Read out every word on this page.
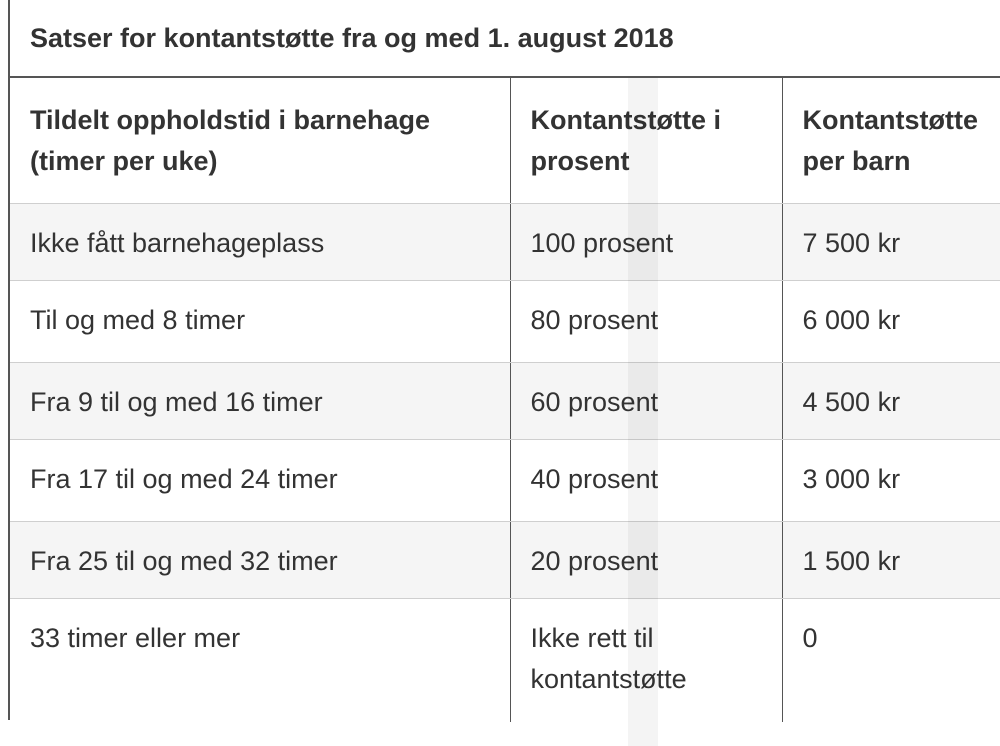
Satser for kontantstøtte fra og med 1. august 2018
Tildelt oppholdstid i barnehage (timer per uke)	Kontantstøtte i prosent	Kontantstøtte per barn
Ikke fått barnehageplass	100 prosent	7 500 kr
Til og med 8 timer	80 prosent	6 000 kr
Fra 9 til og med 16 timer	60 prosent	4 500 kr
Fra 17 til og med 24 timer	40 prosent	3 000 kr
Fra 25 til og med 32 timer	20 prosent	1 500 kr
33 timer eller mer	Ikke rett til kontantstøtte	0
